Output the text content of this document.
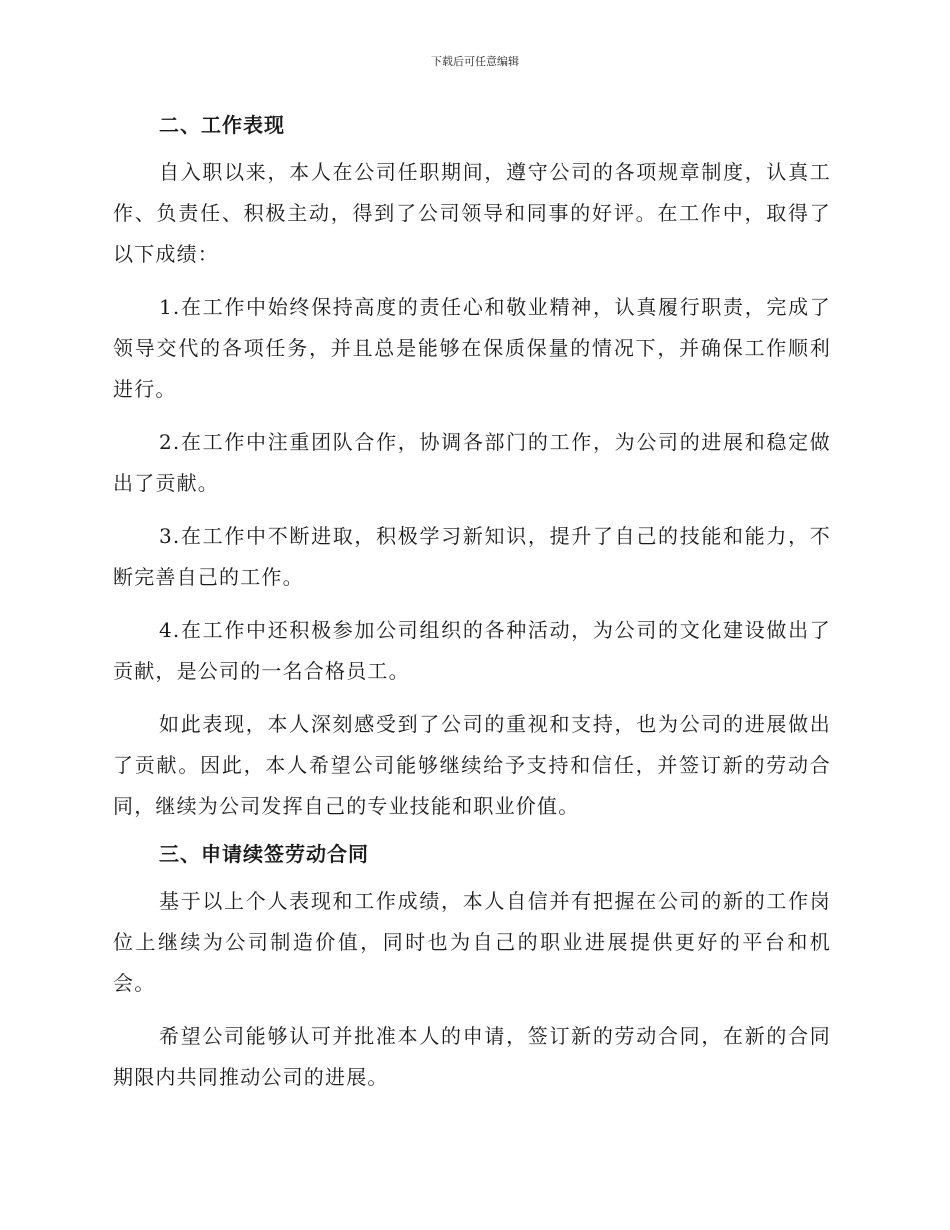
下载后可任意编辑
二、工作表现

自入职以来，本人在公司任职期间，遵守公司的各项规章制度，认真工作、负责任、积极主动，得到了公司领导和同事的好评。在工作中，取得了以下成绩：

1.在工作中始终保持高度的责任心和敬业精神，认真履行职责，完成了领导交代的各项任务，并且总是能够在保质保量的情况下，并确保工作顺利进行。

2.在工作中注重团队合作，协调各部门的工作，为公司的进展和稳定做出了贡献。

3.在工作中不断进取，积极学习新知识，提升了自己的技能和能力，不断完善自己的工作。

4.在工作中还积极参加公司组织的各种活动，为公司的文化建设做出了贡献，是公司的一名合格员工。

如此表现，本人深刻感受到了公司的重视和支持，也为公司的进展做出了贡献。因此，本人希望公司能够继续给予支持和信任，并签订新的劳动合同，继续为公司发挥自己的专业技能和职业价值。

三、申请续签劳动合同

基于以上个人表现和工作成绩，本人自信并有把握在公司的新的工作岗位上继续为公司制造价值，同时也为自己的职业进展提供更好的平台和机会。

希望公司能够认可并批准本人的申请，签订新的劳动合同，在新的合同期限内共同推动公司的进展。
